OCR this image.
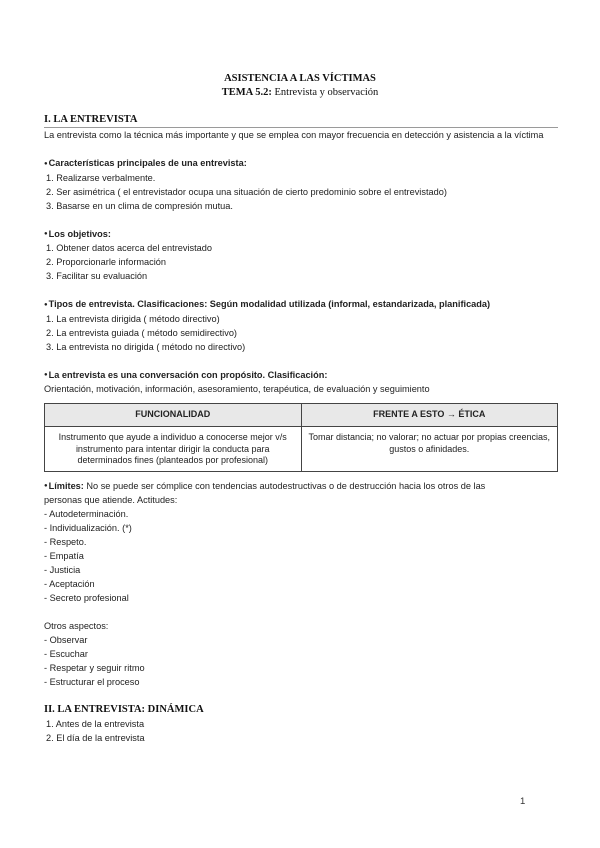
ASISTENCIA A LAS VÍCTIMAS
TEMA 5.2: Entrevista y observación
I. LA ENTREVISTA

La entrevista como la técnica más importante y que se emplea con mayor frecuencia en detección y asistencia a la víctima

● Características principales de una entrevista:

1. Realizarse verbalmente.
2. Ser asimétrica ( el entrevistador ocupa una situación de cierto predominio sobre el entrevistado)
3. Basarse en un clima de compresión mutua.

● Los objetivos:

1. Obtener datos acerca del entrevistado
2. Proporcionarle información
3. Facilitar su evaluación

● Tipos de entrevista. Clasificaciones: Según modalidad utilizada (informal, estandarizada, planificada)

1. La entrevista dirigida ( método directivo)
2. La entrevista guiada ( método semidirectivo)
3. La entrevista no dirigida ( método no directivo)

● La entrevista es una conversación con propósito. Clasificación:

Orientación, motivación, información, asesoramiento, terapéutica, de evaluación y seguimiento

FUNCIONALIDAD	FRENTE A ESTO → ÉTICA
Instrumento que ayude a individuo a conocerse mejor v/s instrumento para intentar dirigir la conducta para determinados fines (planteados por profesional)	Tomar distancia; no valorar; no actuar por propias creencias, gustos o afinidades.

● Límites: No se puede ser cómplice con tendencias autodestructivas o de destrucción hacia los otros de las

personas que atiende. Actitudes:

- Autodeterminación.
- Individualización. (*)
- Respeto.
- Empatía
- Justicia
- Aceptación
- Secreto profesional

Otros aspectos:

- Observar
- Escuchar
- Respetar y seguir ritmo
- Estructurar el proceso
II. LA ENTREVISTA: DINÁMICA
1. Antes de la entrevista
2. El día de la entrevista
1
